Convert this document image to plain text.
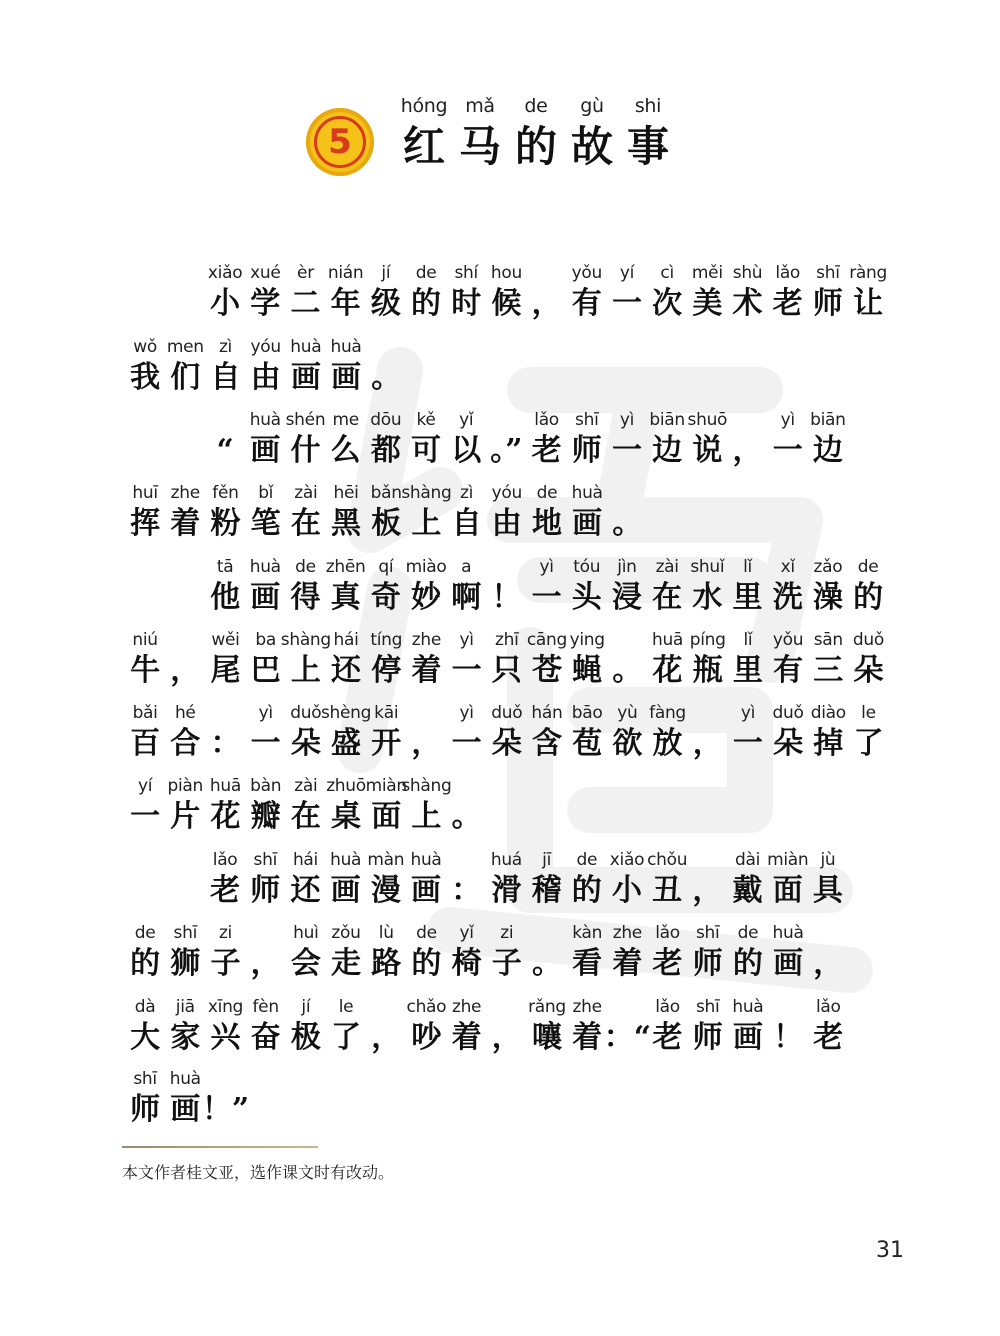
5
hóng
红
mǎ
马
de
的
gù
故
shi
事
xiǎo
小
xué
学
èr
二
nián
年
jí
级
de
的
shí
时
hou
候 ，
yǒu
有
yí
一
cì
次
měi
美
shù
术
lǎo
老
shī
师
ràng
让
wǒ
我
men
们
zì
自
yóu
由
huà
画
huà
画 。
“
huà
画
shén
什
me
么
dōu
都
kě
可
yǐ
以 。”
lǎo
老
shī
师
yì
一
biān
边
shuō
说 ，
yì
一
biān
边
huī
挥
zhe
着
fěn
粉
bǐ
笔
zài
在
hēi
黑
bǎn
板
shàng
上
zì
自
yóu
由
de
地
huà
画 。
tā
他
huà
画
de
得
zhēn
真
qí
奇
miào
妙
a
啊 ！
yì
一
tóu
头
jìn
浸
zài
在
shuǐ
水
lǐ
里
xǐ
洗
zǎo
澡
de
的
niú
牛 ，
wěi
尾
ba
巴
shàng
上
hái
还
tíng
停
zhe
着
yì
一
zhī
只
cāng
苍
ying
蝇 。
huā
花
píng
瓶
lǐ
里
yǒu
有
sān
三
duǒ
朵
bǎi
百
hé
合 ：
yì
一
duǒ
朵
shèng
盛
kāi
开 ，
yì
一
duǒ
朵
hán
含
bāo
苞
yù
欲
fàng
放 ，
yì
一
duǒ
朵
diào
掉
le
了
yí
一
piàn
片
huā
花
bàn
瓣
zài
在
zhuō
桌
miàn
面
shàng
上 。
lǎo
老
shī
师
hái
还
huà
画
màn
漫
huà
画 ：
huá
滑
jī
稽
de
的
xiǎo
小
chǒu
丑 ，
dài
戴
miàn
面
jù
具
de
的
shī
狮
zi
子 ，
huì
会
zǒu
走
lù
路
de
的
yǐ
椅
zi
子 。
kàn
看
zhe
着
lǎo
老
shī
师
de
的
huà
画 ，
dà
大
jiā
家
xīng
兴
fèn
奋
jí
极
le
了 ，
chǎo
吵
zhe
着 ，
rǎng
嚷
zhe
着 ：“
lǎo
老
shī
师
huà
画 ！
lǎo
老
shī
师
huà
画 ！”
本文作者桂文亚，选作课文时有改动。
31
